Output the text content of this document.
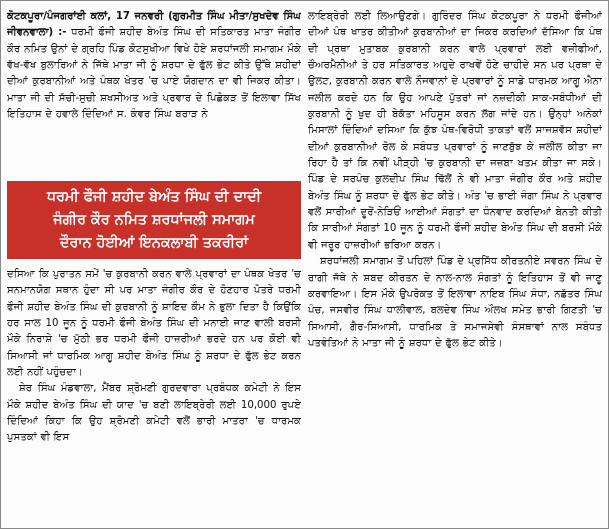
ਕੋਟਕਪੂਰਾ/ਪੰਜਗਰਾਂਈ ਕਲਾਂ, 17 ਜਨਵਰੀ (ਗੁਰਮੀਤ ਸਿੰਘ ਮੀਤਾ/ਸੁਖਦੇਵ ਸਿੰਘ ਜੀਵਨਵਾਲਾ) :- ਧਰਮੀ ਫੌਜੀ ਸ਼ਹੀਦ ਬੇਅੰਤ ਸਿੰਘ ਦੀ ਸਤਿਕਾਰਤ ਮਾਤਾ ਜੰਗੀਰ ਕੌਰ ਨਮਿਤ ਉਨਾਂ ਦੇ ਗ੍ਰਹਿ ਪਿੰਡ ਕੋਟਸੁਖੀਆ ਵਿਖੇ ਹੋਏ ਸ਼ਰਧਾਂਜਲੀ ਸਮਾਗਮ ਮੌਕੇ ਵੱਖ-ਵੱਖ ਬੁਲਾਰਿਆਂ ਨੇ ਜਿੱਥੇ ਮਾਤਾ ਜੀ ਨੂੰ ਸ਼ਰਧਾ ਦੇ ਫੁੱਲ ਭੇਟ ਕੀਤੇ ਉੱਥੇ ਸ਼ਹੀਦਾਂ ਦੀਆਂ ਕੁਰਬਾਨੀਆਂ ਅਤੇ ਪੰਥਕ ਖੇਤਰ 'ਚ ਪਾਏ ਯੋਗਦਾਨ ਦਾ ਵੀ ਜਿਕਰ ਕੀਤਾ। ਮਾਤਾ ਜੀ ਦੀ ਸੱਚੀ-ਸੁਚੀ ਸ਼ਖਸੀਅਤ ਅਤੇ ਪ੍ਰਵਾਰ ਦੇ ਪਿਛੋਕੜ ਤੋਂ ਇਲਾਵਾ ਸਿੱਖ ਇਤਿਹਾਸ ਦੇ ਹਵਾਲੇ ਦਿੰਦਿਆਂ ਸ. ਕੰਵਰ ਸਿੰਘ ਬਰਾੜ ਨੇ

ਧਰਮੀ ਫੌਜੀ ਸ਼ਹੀਦ ਬੇਅੰਤ ਸਿੰਘ ਦੀ ਦਾਦੀ
ਜੰਗੀਰ ਕੌਰ ਨਮਿਤ ਸ਼ਰਧਾਂਜਲੀ ਸਮਾਗਮ
ਦੌਰਾਨ ਹੋਈਆਂ ਇਨਕਲਾਬੀ ਤਕਰੀਰਾਂ

ਦਸਿਆ ਕਿ ਪੁਰਾਤਨ ਸਮੇਂ 'ਚ ਕੁਰਬਾਨੀ ਕਰਨ ਵਾਲੇ ਪ੍ਰਵਾਰਾਂ ਦਾ ਪੰਥਕ ਖੇਤਰ 'ਚ ਸਨਮਾਨਯੋਗ ਸਥਾਨ ਹੁੰਦਾ ਸੀ ਪਰ ਮਾਤਾ ਜੰਗੀਰ ਕੌਰ ਦੇ ਹੋਣਹਾਰ ਪੋਤਰੇ ਧਰਮੀ ਫੌਜੀ ਸ਼ਹੀਦ ਬੇਅੰਤ ਸਿੰਘ ਦੀ ਕੁਰਬਾਨੀ ਨੂੰ ਸ਼ਾਇਦ ਕੌਮ ਨੇ ਭੁਲਾ ਦਿਤਾ ਹੈ ਕਿਉਂਕਿ ਹਰ ਸਾਲ 10 ਜੂਨ ਨੂੰ ਧਰਮੀ ਫੌਜੀ ਬੇਅੰਤ ਸਿੰਘ ਦੀ ਮਨਾਈ ਜਾਣ ਵਾਲੀ ਬਰਸੀ ਮੌਕੇ ਨਿਰਾਸ਼ੇ 'ਚ ਮੁੱਠੀ ਭਰ ਧਰਮੀ ਫੌਜੀ ਹਾਜ਼ਰੀਆਂ ਭਰਦੇ ਹਨ ਪਰ ਕੋਈ ਵੀ ਸਿਆਸੀ ਜਾਂ ਧਾਰਮਿਕ ਆਗੂ ਸ਼ਹੀਦ ਬੇਅੰਤ ਸਿੰਘ ਨੂੰ ਸ਼ਰਧਾ ਦੇ ਫੁੱਲ ਭੇਟ ਕਰਨ ਲਈ ਨਹੀਂ ਪਹੁੰਚਦਾ।

ਸ਼ੇਰ ਸਿੰਘ ਮੰਡਵਾਲਾ, ਮੈਂਬਰ ਸ਼੍ਰੋਮਣੀ ਗੁਰਦਵਾਰਾ ਪ੍ਰਬੰਧਕ ਕਮੇਟੀ ਨੇ ਇਸ ਮੌਕੇ ਸ਼ਹੀਦ ਬੇਅੰਤ ਸਿੰਘ ਦੀ ਯਾਦ 'ਚ ਬਣੀ ਲਾਇਬ੍ਰੇਰੀ ਲਈ 10,000 ਰੁਪਏ ਦਿੰਦਿਆਂ ਕਿਹਾ ਕਿ ਉਹ ਸ਼੍ਰੋਮਣੀ ਕਮੇਟੀ ਵਲੋਂ ਭਾਰੀ ਮਾਤਰਾ 'ਚ ਧਾਰਮਕ ਪੁਸਤਕਾਂ ਵੀ ਇਸ

ਲਾਇਬ੍ਰੇਰੀ ਲਈ ਲਿਆਉਣਗੇ। ਗੁਰਿੰਦਰ ਸਿੰਘ ਕੋਟਕਪੂਰਾ ਨੇ ਧਰਮੀ ਫੌਜੀਆਂ ਦੀਆਂ ਪੰਥ ਖਾਤਰ ਕੀਤੀਆਂ ਕੁਰਬਾਨੀਆਂ ਦਾ ਜਿਕਰ ਕਰਦਿਆਂ ਦੱਸਿਆ ਕਿ ਪੰਥ ਦੀ ਪ੍ਰਥਾ ਮੁਤਾਬਕ ਕੁਰਬਾਨੀ ਕਰਨ ਵਾਲੇ ਪ੍ਰਵਾਰਾਂ ਲਈ ਵਜ਼ੀਫੀਆਂ, ਚੌਅਰਮੈਨੀਆਂ ਤੇ ਹਰ ਸਤਿਕਾਰਤ ਅਹੁਦੇ ਰਾਖਵੇਂ ਹੋਣੇ ਚਾਹੀਦੇ ਸਨ ਪਰ ਪ੍ਰਥਾ ਦੇ ਉਲਟ, ਕੁਰਬਾਨੀ ਕਰਨ ਵਾਲੇ ਨੌਜਵਾਨਾਂ ਦੇ ਪ੍ਰਵਾਰਾਂ ਨੂੰ ਸਾਡੇ ਧਾਰਮਕ ਆਗੂ ਐਨਾ ਜਲੀਲ ਕਰਦੇ ਹਨ ਕਿ ਉਹ ਆਪਣੇ ਪੁੱਤਰਾਂ ਜਾਂ ਨਜ਼ਦੀਕੀ ਸਾਕ-ਸਬੰਧੀਆਂ ਦੀ ਕੁਰਬਾਨੀ ਨੂੰ ਖੁਦ ਹੀ ਬੇਕੱਤਾ ਮਹਿਸੂਸ ਕਰਨ ਲੱਗ ਜਾਂਦੇ ਹਨ। ਉਨ੍ਹਾਂ ਅਨੇਕਾਂ ਮਿਸਾਲਾਂ ਦਿੰਦਿਆਂ ਦਸਿਆ ਕਿ ਕੁੱਝ ਪੰਥ-ਵਿਰੋਧੀ ਤਾਕਤਾਂ ਵਲੋਂ ਸਾਜਸ਼ਵੱਸ ਸ਼ਹੀਦਾਂ ਦੀਆਂ ਕੁਰਬਾਨੀਆਂ ਰੋਲ ਕੇ ਸਬੰਧਤ ਪ੍ਰਵਾਰਾਂ ਨੂੰ ਜਾਣਬੁੱਝ ਕੇ ਜਲੀਲ ਕੀਤਾ ਜਾ ਰਿਹਾ ਹੈ ਤਾਂ ਕਿ ਨਵੀਂ ਪੀੜ੍ਹੀ 'ਚ ਕੁਰਬਾਨੀ ਦਾ ਜਜ਼ਬਾ ਖਤਮ ਕੀਤਾ ਜਾ ਸਕੇ। ਪਿੰਡ ਦੇ ਸਰਪੰਚ ਕੁਲਦੀਪ ਸਿੰਘ ਢਿੱਲੋਂ ਨੇ ਵੀ ਮਾਤਾ ਜੰਗੀਰ ਕੌਰ ਅਤੇ ਸ਼ਹੀਦ ਬੇਅੰਤ ਸਿੰਘ ਨੂੰ ਸ਼ਰਧਾ ਦੇ ਫੁੱਲ ਭੇਟ ਕੀਤੇ। ਅੰਤ 'ਚ ਭਾਈ ਜੰਗਾ ਸਿੰਘ ਨੇ ਪ੍ਰਵਾਰ ਵਲੋਂ ਸਾਰੀਆਂ ਦੂਰੋਂ-ਨੇੜਿਓਂ ਆਈਆਂ ਸੰਗਤਾਂ ਦਾ ਧੰਨਵਾਦ ਕਰਦਿਆਂ ਬੇਨਤੀ ਕੀਤੀ ਕਿ ਸਾਰੀਆਂ ਸੰਗਤਾਂ 10 ਜੂਨ ਨੂੰ ਧਰਮੀ ਫੌਜੀ ਸ਼ਹੀਦ ਬੇਅੰਤ ਸਿੰਘ ਦੀ ਬਰਸੀ ਮੌਕੇ ਵੀ ਜਰੂਰ ਹਾਜ਼ਰੀਆਂ ਭਰਿਆ ਕਰਨ।

ਸ਼ਰਧਾਂਜਲੀ ਸਮਾਗਮ ਤੋਂ ਪਹਿਲਾਂ ਪਿੰਡ ਦੇ ਪ੍ਰਸਿੱਧ ਕੀਰਤਨੀਏ ਸਵਰਨ ਸਿੰਘ ਦੇ ਰਾਗੀ ਜੱਥੇ ਨੇ ਸ਼ਬਦ ਕੀਰਤਨ ਦੇ ਨਾਲ-ਨਾਲ ਸੰਗਤਾਂ ਨੂੰ ਇਤਿਹਾਸ ਤੋਂ ਵੀ ਜਾਣੂ ਕਰਵਾਇਆ। ਇਸ ਮੌਕੇ ਉਪਰੋਕਤ ਤੋਂ ਇਲਾਵਾ ਨਾਇਬ ਸਿੰਘ ਸੰਧਾ, ਨਛੱਤਰ ਸਿੰਘ ਪੰਚ, ਜਸਵੀਰ ਸਿੰਘ ਧਾਲੀਵਾਲ, ਬਲਦੇਵ ਸਿੰਘ ਔਲਖ ਸਮੇਤ ਭਾਰੀ ਗਿਣਤੀ 'ਚ ਸਿਆਸੀ, ਗੈਰ-ਸਿਆਸੀ, ਧਾਰਮਿਕ ਤੇ ਸਮਾਜਸੇਵੀ ਸੰਸਥਾਵਾਂ ਨਾਲ ਸਬੰਧਤ ਪਤਵੰਤਿਆਂ ਨੇ ਮਾਤਾ ਜੀ ਨੂੰ ਸ਼ਰਧਾ ਦੇ ਫੁੱਲ ਭੇਟ ਕੀਤੇ।
